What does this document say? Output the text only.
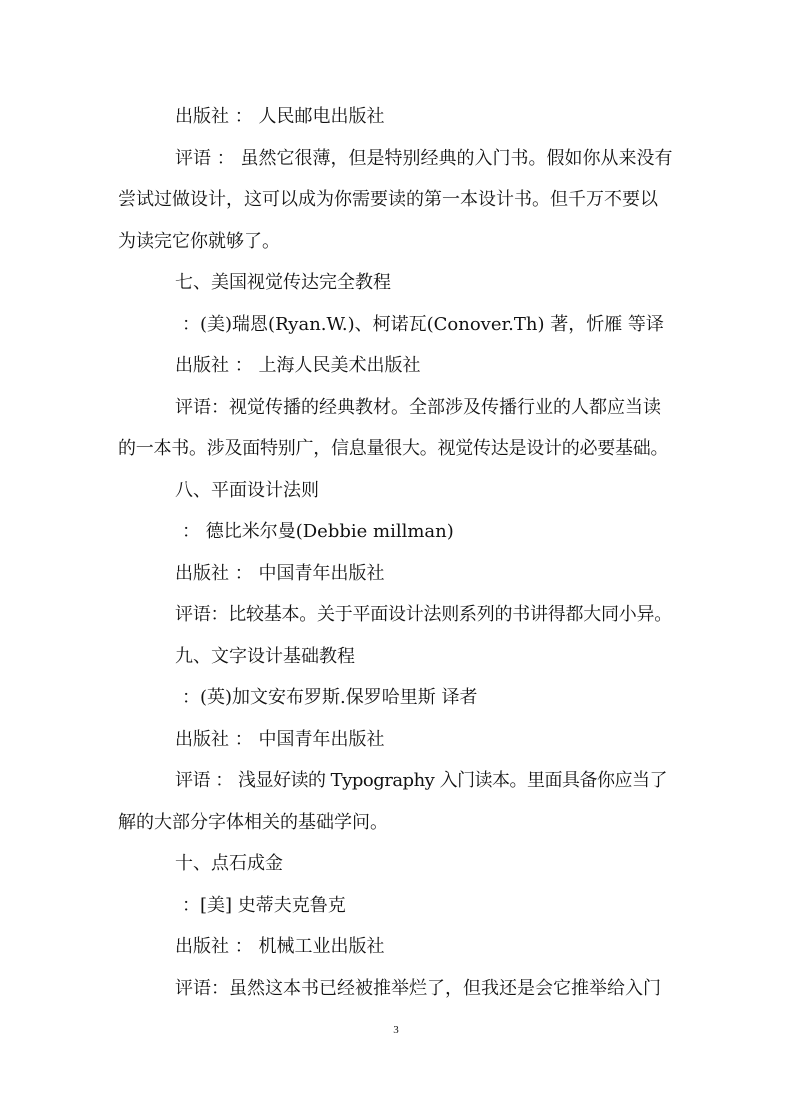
出版社 ： 人民邮电出版社

评语 ： 虽然它很薄，但是特别经典的入门书。假如你从来没有

尝试过做设计，这可以成为你需要读的第一本设计书。但千万不要以

为读完它你就够了。

七、美国视觉传达完全教程

：(美)瑞恩(Ryan.W.)、柯诺瓦(Conover.Th) 著，忻雁 等译

出版社 ： 上海人民美术出版社

评语：视觉传播的经典教材。全部涉及传播行业的人都应当读

的一本书。涉及面特别广，信息量很大。视觉传达是设计的必要基础。

八、平面设计法则

： 德比米尔曼(Debbie millman)

出版社 ： 中国青年出版社

评语：比较基本。关于平面设计法则系列的书讲得都大同小异。

九、文字设计基础教程

：(英)加文安布罗斯.保罗哈里斯 译者

出版社 ： 中国青年出版社

评语 ： 浅显好读的 Typography 入门读本。里面具备你应当了

解的大部分字体相关的基础学问。

十、点石成金

：[美] 史蒂夫克鲁克

出版社 ： 机械工业出版社

评语：虽然这本书已经被推举烂了，但我还是会它推举给入门

3
